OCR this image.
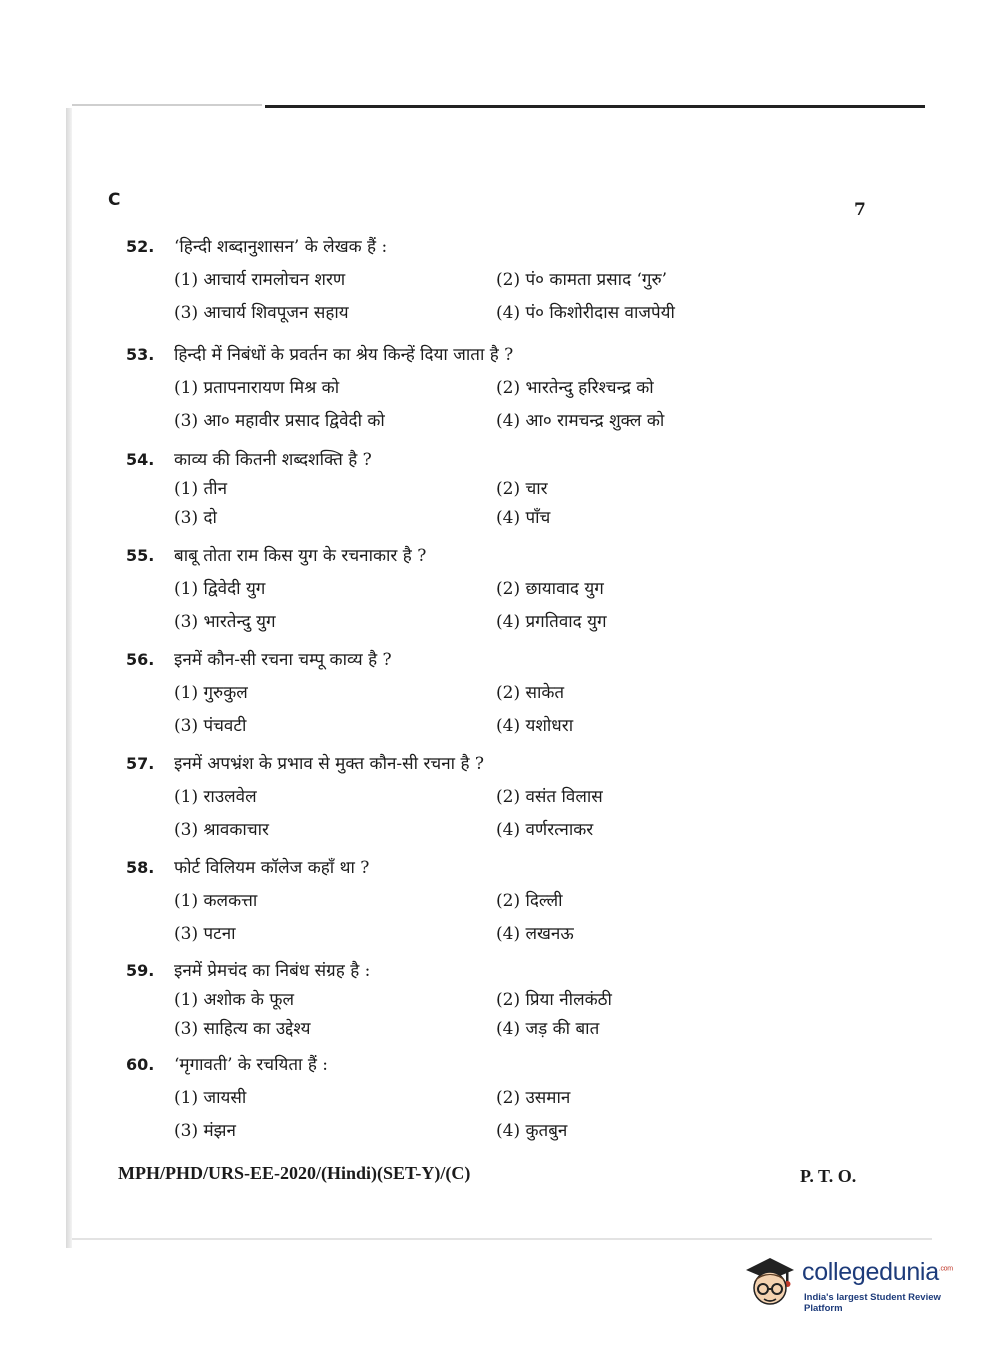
C	7
52.	‘हिन्दी शब्दानुशासन’ के लेखक हैं :
(1) आचार्य रामलोचन शरण	(2) पं० कामता प्रसाद ‘गुरु’
(3) आचार्य शिवपूजन सहाय	(4) पं० किशोरीदास वाजपेयी
53.	हिन्दी में निबंधों के प्रवर्तन का श्रेय किन्हें दिया जाता है ?
(1) प्रतापनारायण मिश्र को	(2) भारतेन्दु हरिश्चन्द्र को
(3) आ० महावीर प्रसाद द्विवेदी को	(4) आ० रामचन्द्र शुक्ल को
54.	काव्य की कितनी शब्दशक्ति है ?
(1) तीन	(2) चार
(3) दो	(4) पाँच
55.	बाबू तोता राम किस युग के रचनाकार है ?
(1) द्विवेदी युग	(2) छायावाद युग
(3) भारतेन्दु युग	(4) प्रगतिवाद युग
56.	इनमें कौन-सी रचना चम्पू काव्य है ?
(1) गुरुकुल	(2) साकेत
(3) पंचवटी	(4) यशोधरा
57.	इनमें अपभ्रंश के प्रभाव से मुक्त कौन-सी रचना है ?
(1) राउलवेल	(2) वसंत विलास
(3) श्रावकाचार	(4) वर्णरत्नाकर
58.	फोर्ट विलियम कॉलेज कहाँ था ?
(1) कलकत्ता	(2) दिल्ली
(3) पटना	(4) लखनऊ
59.	इनमें प्रेमचंद का निबंध संग्रह है :
(1) अशोक के फूल	(2) प्रिया नीलकंठी
(3) साहित्य का उद्देश्य	(4) जड़ की बात
60.	‘मृगावती’ के रचयिता हैं :
(1) जायसी	(2) उसमान
(3) मंझन	(4) कुतबुन
MPH/PHD/URS-EE-2020/(Hindi)(SET-Y)/(C)	P. T. O.
collegedunia$^{.com}$
India's largest Student Review Platform
